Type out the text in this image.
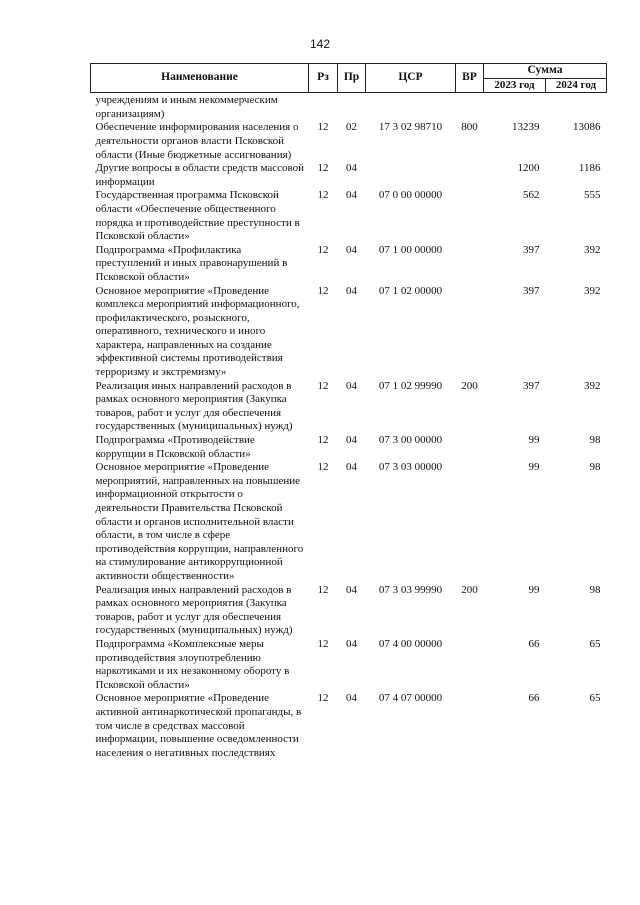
142
Наименование	Рз	Пр	ЦСР	ВР	Сумма	
					2023 год	2024 год
учреждениям и иным некоммерческим организациям)						
Обеспечение информирования населения о деятельности органов власти Псковской области (Иные бюджетные ассигнования)	12	02	17 3 02 98710	800	13239	13086
Другие вопросы в области средств массовой информации	12	04			1200	1186
Государственная программа Псковской области «Обеспечение общественного порядка и противодействие преступности в Псковской области»	12	04	07 0 00 00000		562	555
Подпрограмма «Профилактика преступлений и иных правонарушений в Псковской области»	12	04	07 1 00 00000		397	392
Основное мероприятие «Проведение комплекса мероприятий информационного, профилактического, розыскного, оперативного, технического и иного характера, направленных на создание эффективной системы противодействия терроризму и экстремизму»	12	04	07 1 02 00000		397	392
Реализация иных направлений расходов в рамках основного мероприятия (Закупка товаров, работ и услуг для обеспечения государственных (муниципальных) нужд)	12	04	07 1 02 99990	200	397	392
Подпрограмма «Противодействие коррупции в Псковской области»	12	04	07 3 00 00000		99	98
Основное мероприятие «Проведение мероприятий, направленных на повышение информационной открытости о деятельности Правительства Псковской области и органов исполнительной власти области, в том числе в сфере противодействия коррупции, направленного на стимулирование антикоррупционной активности общественности»	12	04	07 3 03 00000		99	98
Реализация иных направлений расходов в рамках основного мероприятия (Закупка товаров, работ и услуг для обеспечения государственных (муниципальных) нужд)	12	04	07 3 03 99990	200	99	98
Подпрограмма «Комплексные меры противодействия злоупотреблению наркотиками и их незаконному обороту в Псковской области»	12	04	07 4 00 00000		66	65
Основное мероприятие «Проведение активной антинаркотической пропаганды, в том числе в средствах массовой информации, повышение осведомленности населения о негативных последствиях	12	04	07 4 07 00000		66	65
